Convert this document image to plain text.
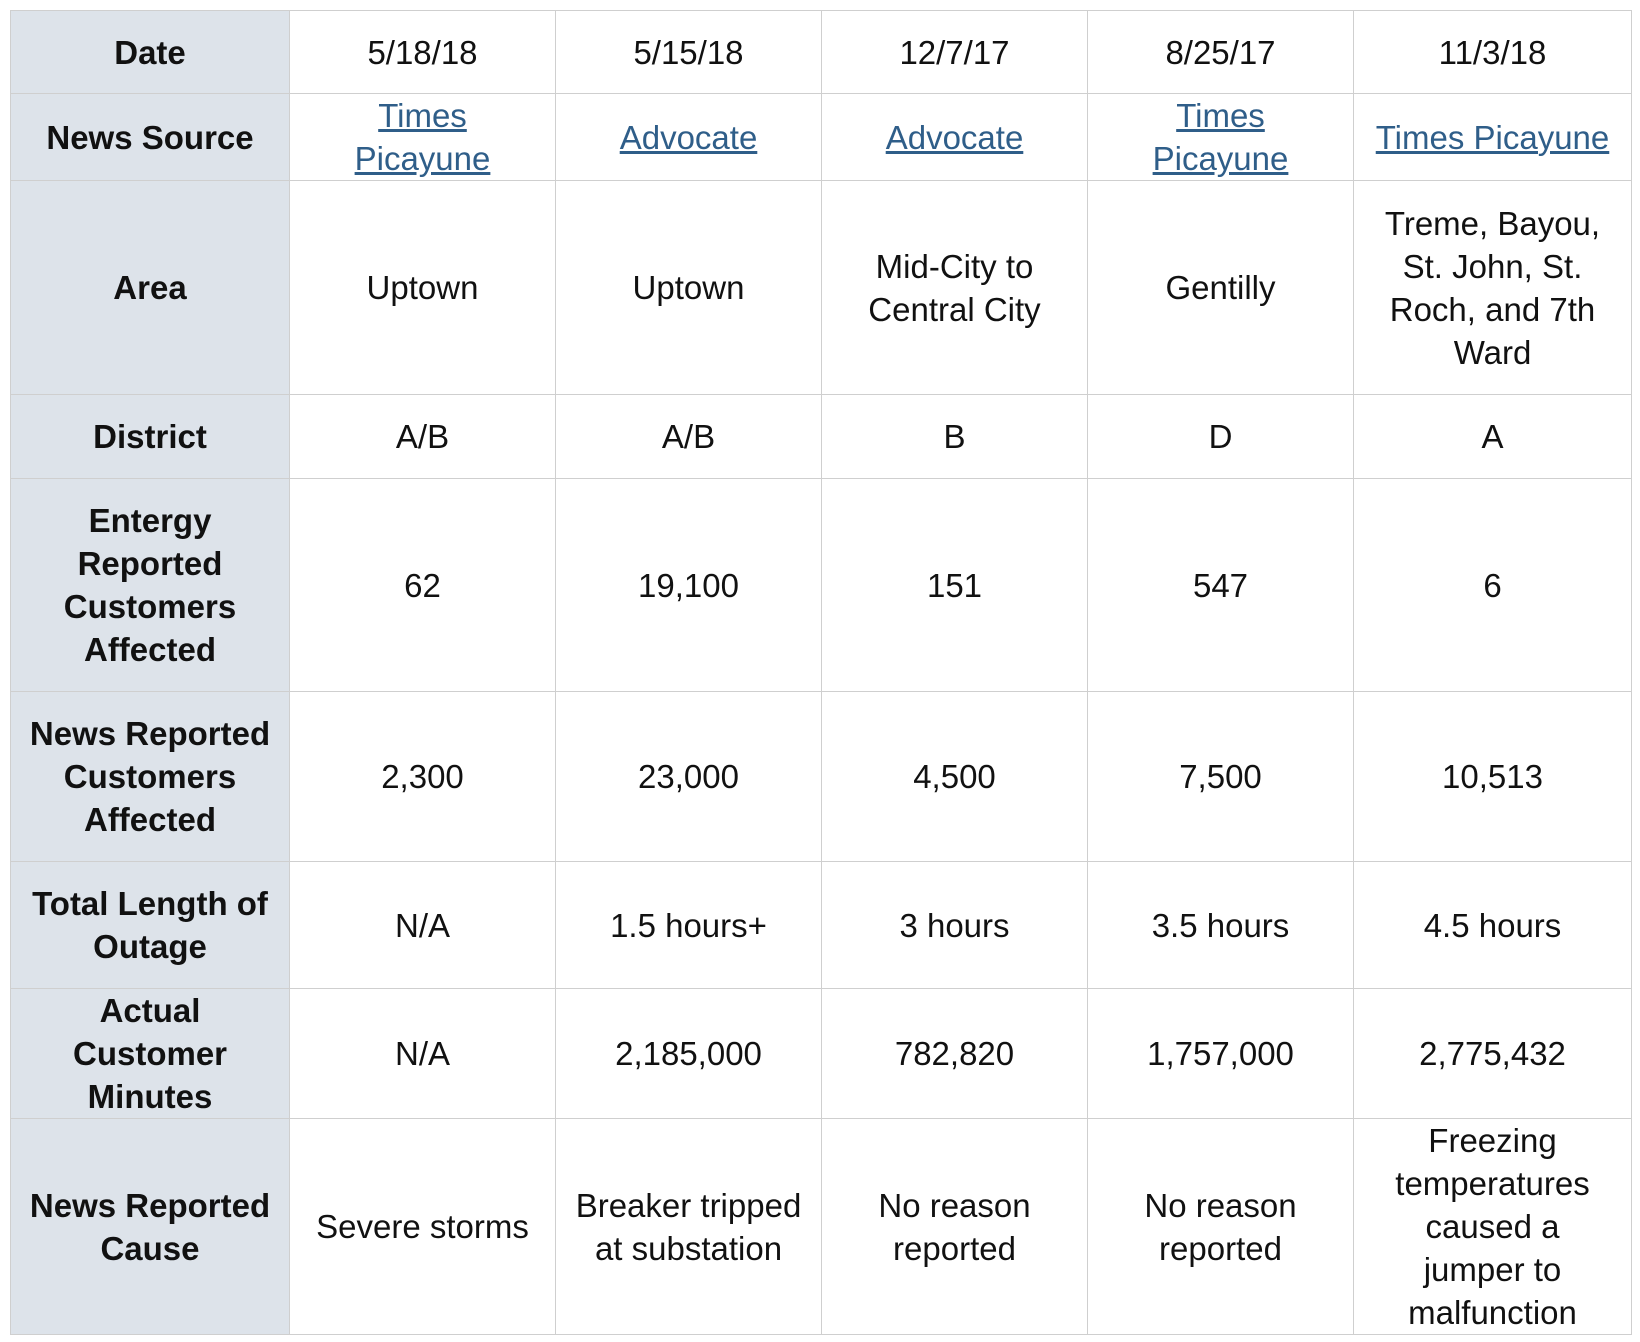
Date	5/18/18	5/15/18	12/7/17	8/25/17	11/3/18
News Source	Times Picayune	Advocate	Advocate	Times Picayune	Times Picayune
Area	Uptown	Uptown	Mid-City to Central City	Gentilly	Treme, Bayou, St. John, St. Roch, and 7th Ward
District	A/B	A/B	B	D	A
Entergy Reported Customers Affected	62	19,100	151	547	6
News Reported Customers Affected	2,300	23,000	4,500	7,500	10,513
Total Length of Outage	N/A	1.5 hours+	3 hours	3.5 hours	4.5 hours
Actual Customer Minutes	N/A	2,185,000	782,820	1,757,000	2,775,432
News Reported Cause	Severe storms	Breaker tripped at substation	No reason reported	No reason reported	Freezing temperatures caused a jumper to malfunction
